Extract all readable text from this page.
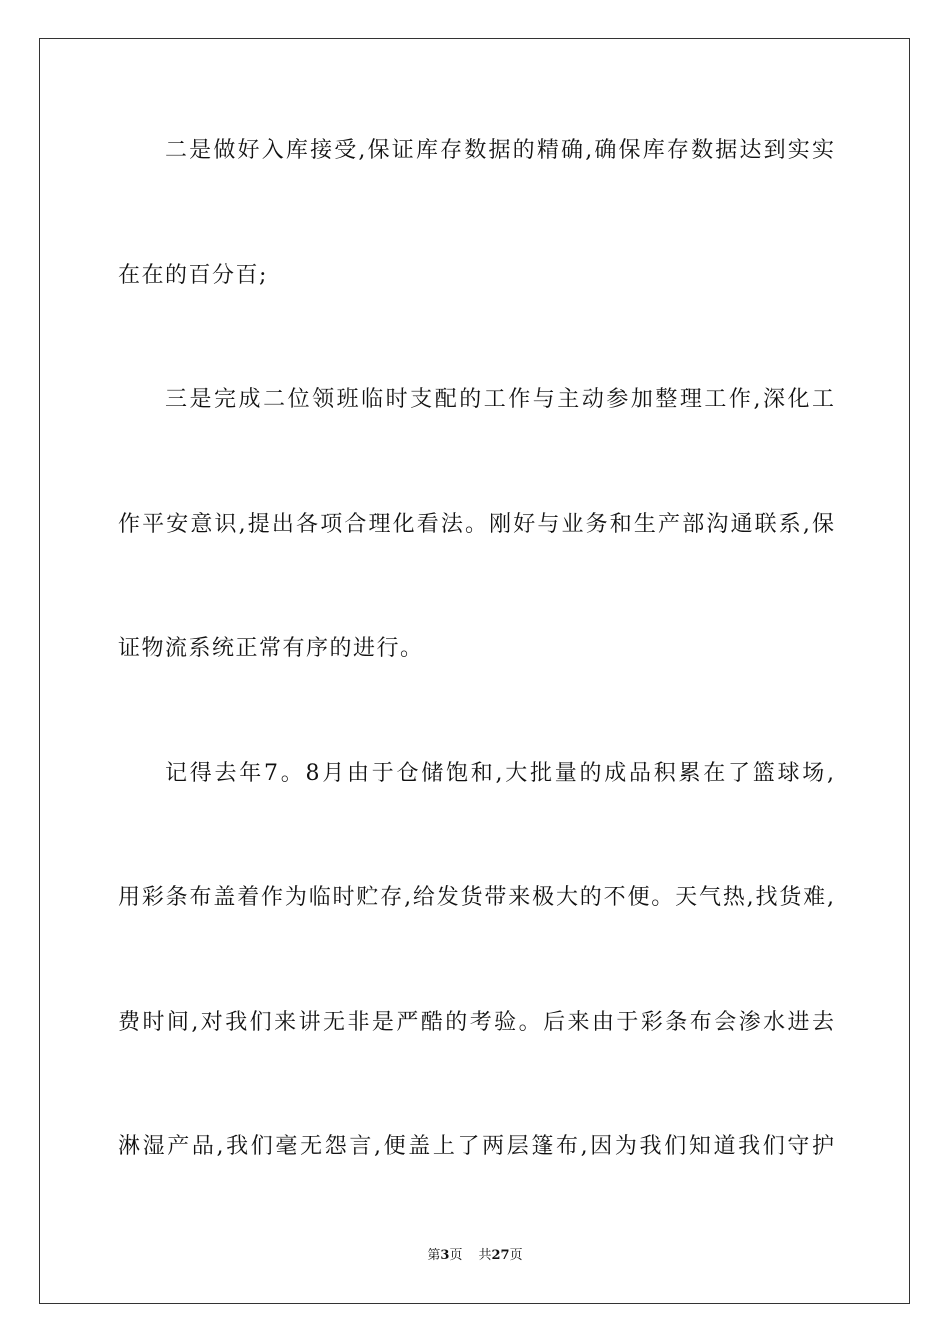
二是做好入库接受,保证库存数据的精确,确保库存数据达到实实
在在的百分百;
三是完成二位领班临时支配的工作与主动参加整理工作,深化工
作平安意识,提出各项合理化看法。刚好与业务和生产部沟通联系,保
证物流系统正常有序的进行。
记得去年7。8月由于仓储饱和,大批量的成品积累在了篮球场,
用彩条布盖着作为临时贮存,给发货带来极大的不便。天气热,找货难,
费时间,对我们来讲无非是严酷的考验。后来由于彩条布会渗水进去
淋湿产品,我们毫无怨言,便盖上了两层篷布,因为我们知道我们守护
第3页 共27页
